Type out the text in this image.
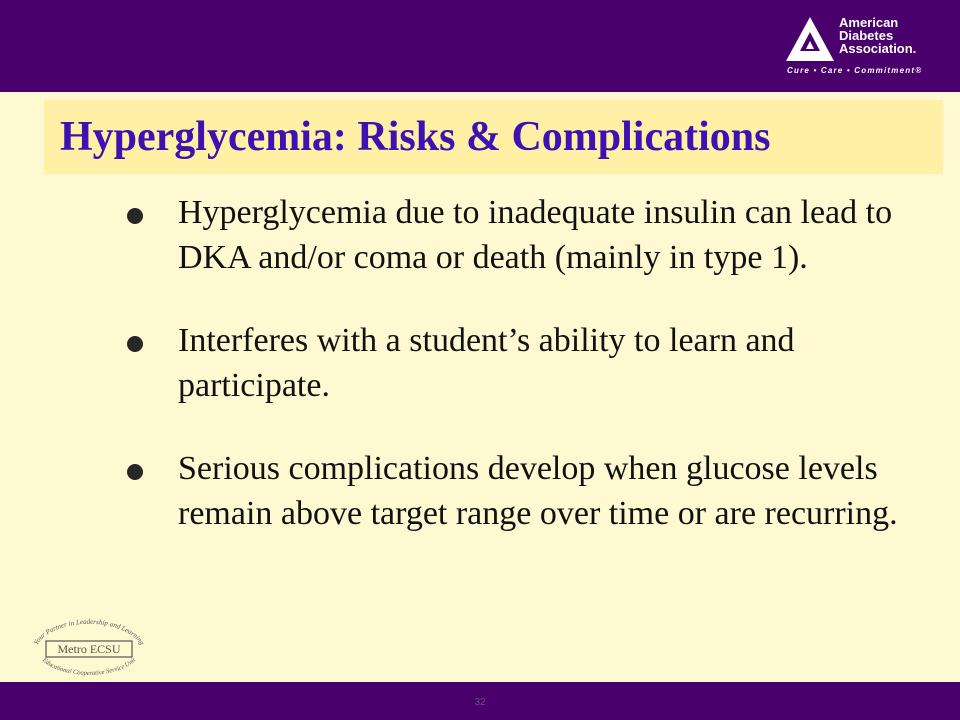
American
Diabetes
Association.
Cure • Care • Commitment®
Hyperglycemia: Risks & Complications
Hyperglycemia due to inadequate insulin can lead to DKA and/or coma or death (mainly in type 1).
Interferes with a student’s ability to learn and participate.
Serious complications develop when glucose levels remain above target range over time or are recurring.
Your Partner in Leadership and Learning
Metro ECSU
Educational Cooperative Service Unit
32
